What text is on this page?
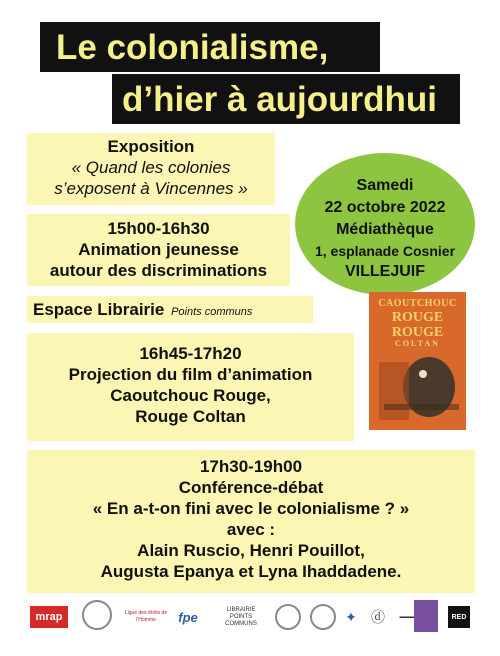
Le colonialisme,
d’hier à aujourdhui
Exposition
« Quand les colonies
s’exposent à Vincennes »
15h00-16h30
Animation jeunesse
autour des discriminations
Espace Librairie Points communs
16h45-17h20
Projection du film d’animation
Caoutchouc Rouge,
Rouge Coltan
17h30-19h00
Conférence-débat
« En a-t-on fini avec le colonialisme ? »
avec :
Alain Ruscio, Henri Pouillot,
Augusta Epanya et Lyna Ihaddadene.
Samedi
22 octobre 2022
Médiathèque
1, esplanade Cosnier
VILLEJUIF
CAOUTCHOUC
ROUGE
ROUGE
COLTAN
mrap	Ligue des droits de l'Homme	fpe	LIBRAIRIE POINTS COMMUNS	✦	ⓓ	▬▬▬	RED
